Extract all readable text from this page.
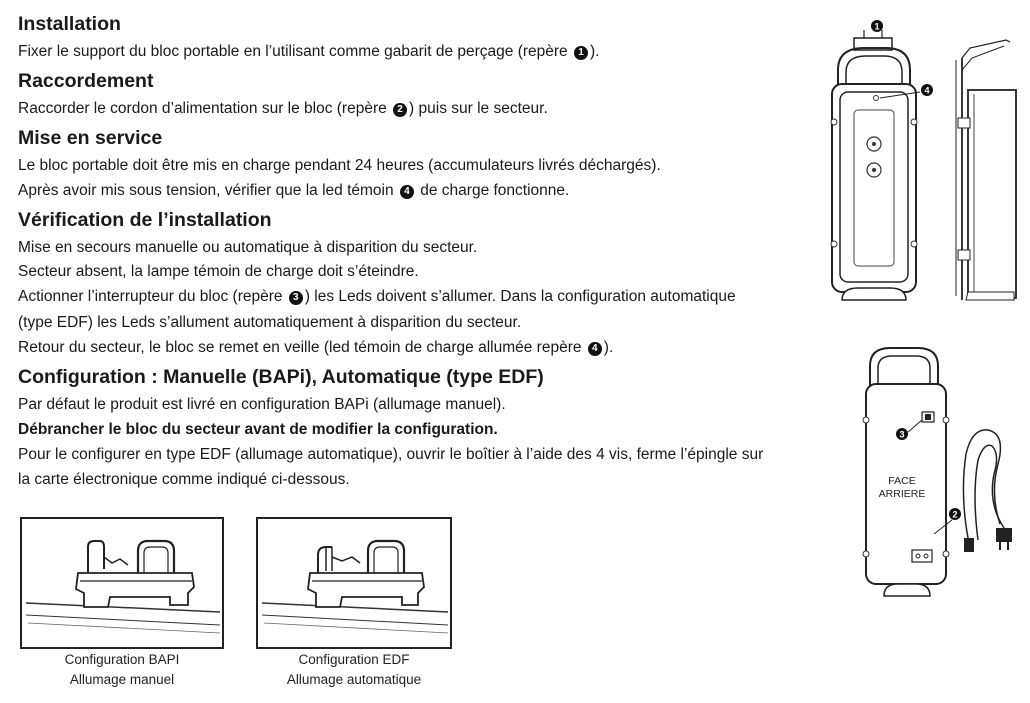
Installation

Fixer le support du bloc portable en l’utilisant comme gabarit de perçage (repère 1 ).

Raccordement

Raccorder le cordon d’alimentation sur le bloc (repère 2 ) puis sur le secteur.

Mise en service

Le bloc portable doit être mis en charge pendant 24 heures (accumulateurs livrés déchargés).

Après avoir mis sous tension, vérifier que la led témoin 4 de charge fonctionne.

Vérification de l’installation

Mise en secours manuelle ou automatique à disparition du secteur.

Secteur absent, la lampe témoin de charge doit s’éteindre.

Actionner l’interrupteur du bloc (repère 3 ) les Leds doivent s’allumer. Dans la configuration automatique

(type EDF) les Leds s’allument automatiquement à disparition du secteur.

Retour du secteur, le bloc se remet en veille (led témoin de charge allumée repère 4 ).

Configuration : Manuelle (BAPi), Automatique (type EDF)

Par défaut le produit est livré en configuration BAPi (allumage manuel).

Débrancher le bloc du secteur avant de modifier la configuration.

Pour le configurer en type EDF (allumage automatique), ouvrir le boîtier à l’aide des 4 vis, ferme l’épingle sur

la carte électronique comme indiqué ci-dessous.

Configuration BAPI
Allumage manuel
Configuration EDF
Allumage automatique
1
4
3
FACE
ARRIERE
2
